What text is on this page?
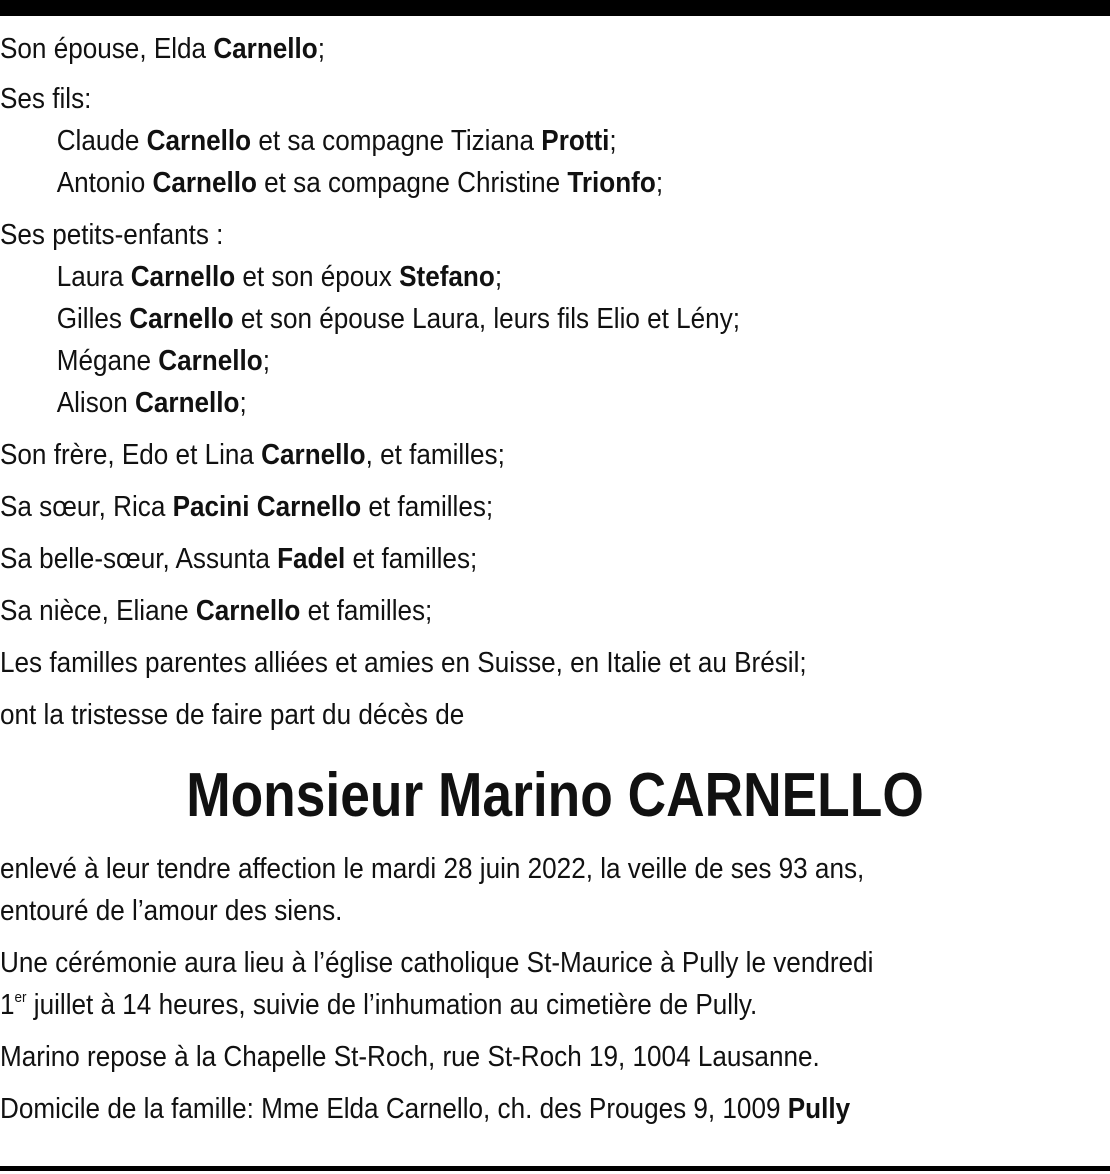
Son épouse, Elda Carnello;

Ses fils:

Claude Carnello et sa compagne Tiziana Protti;

Antonio Carnello et sa compagne Christine Trionfo;

Ses petits-enfants :

Laura Carnello et son époux Stefano;

Gilles Carnello et son épouse Laura, leurs fils Elio et Lény;

Mégane Carnello;

Alison Carnello;

Son frère, Edo et Lina Carnello, et familles;

Sa sœur, Rica Pacini Carnello et familles;

Sa belle-sœur, Assunta Fadel et familles;

Sa nièce, Eliane Carnello et familles;

Les familles parentes alliées et amies en Suisse, en Italie et au Brésil;

ont la tristesse de faire part du décès de

Monsieur Marino CARNELLO

enlevé à leur tendre affection le mardi 28 juin 2022, la veille de ses 93 ans,

entouré de l’amour des siens.

Une cérémonie aura lieu à l’église catholique St-Maurice à Pully le vendredi

1er juillet à 14 heures, suivie de l’inhumation au cimetière de Pully.

Marino repose à la Chapelle St-Roch, rue St-Roch 19, 1004 Lausanne.

Domicile de la famille: Mme Elda Carnello, ch. des Prouges 9, 1009 Pully
